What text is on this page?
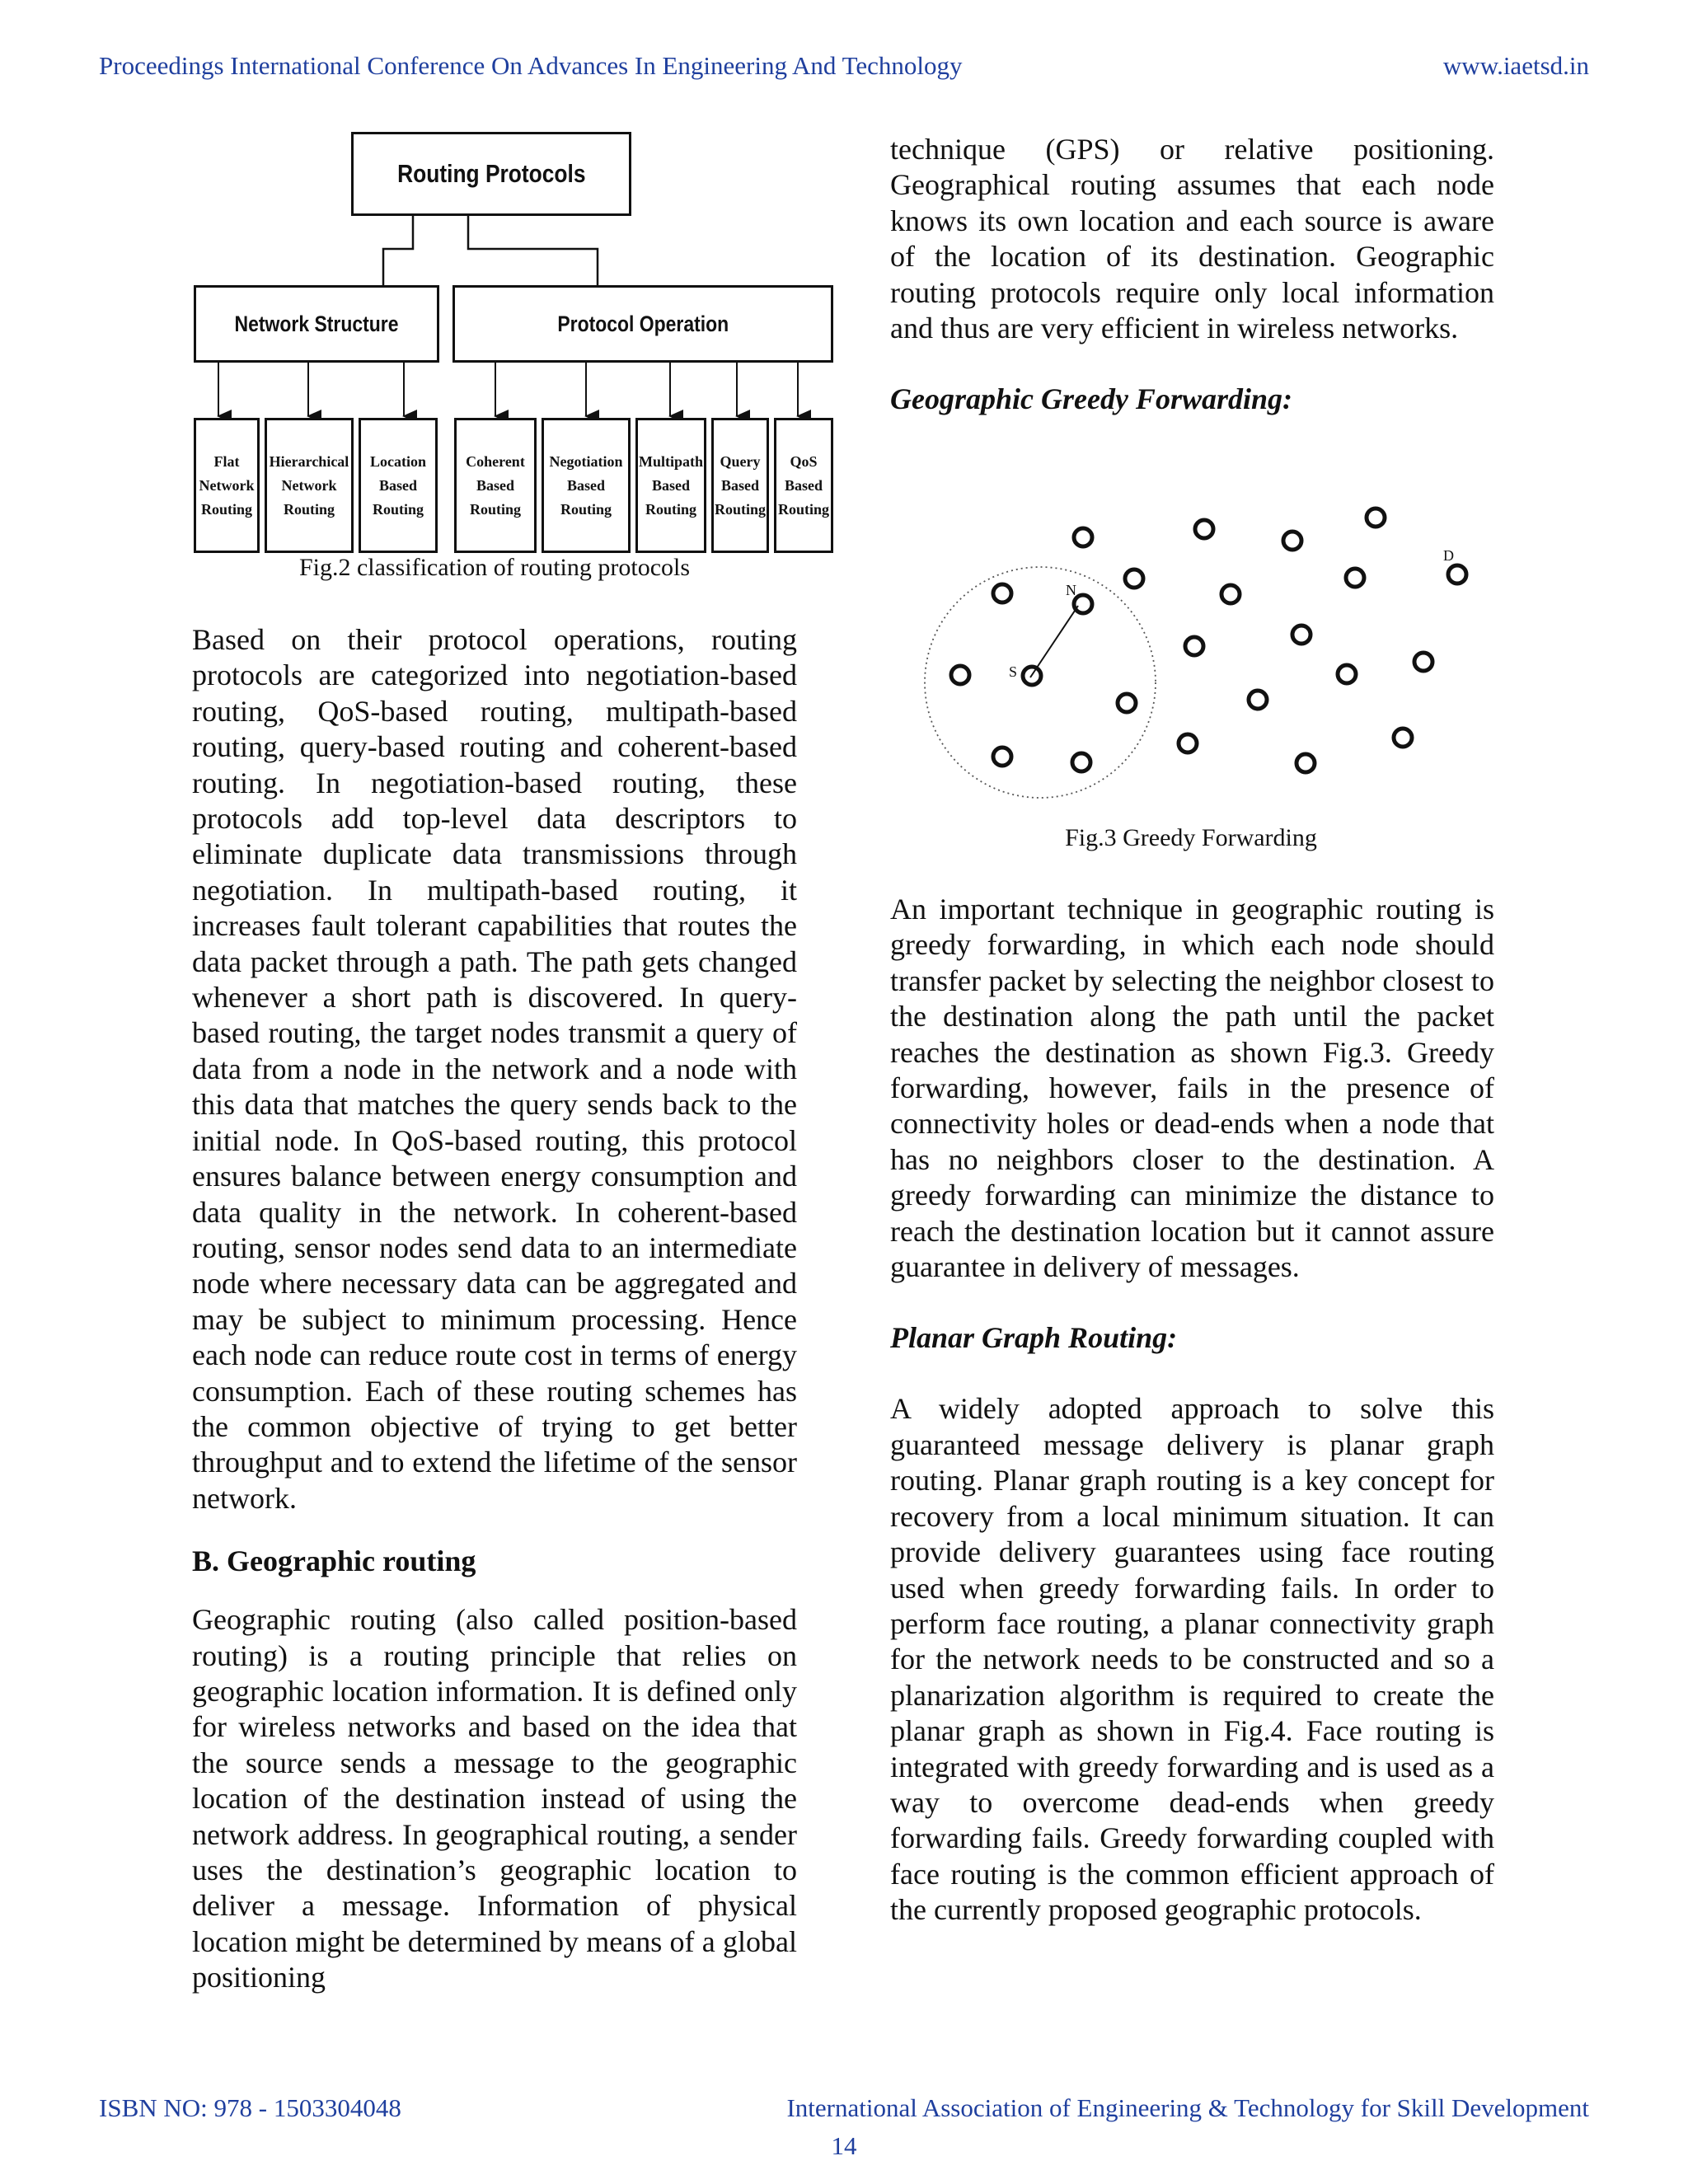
Proceedings International Conference On Advances In Engineering And Technology	www.iaetsd.in
Routing Protocols
Network Structure	Protocol Operation
Flat
Network
Routing
Hierarchical
Network
Routing
Location
Based
Routing
Coherent
Based
Routing
Negotiation
Based
Routing
Multipath
Based
Routing
Query
Based
Routing
QoS
Based
Routing
Fig.2 classification of routing protocols

Based on their protocol operations, routing protocols are categorized into negotiation-based routing, QoS-based routing, multipath-based routing, query-based routing and coherent-based routing. In negotiation-based routing, these protocols add top-level data descriptors to eliminate duplicate data transmissions through negotiation. In multipath-based routing, it increases fault tolerant capabilities that routes the data packet through a path. The path gets changed whenever a short path is discovered. In query-based routing, the target nodes transmit a query of data from a node in the network and a node with this data that matches the query sends back to the initial node. In QoS-based routing, this protocol ensures balance between energy consumption and data quality in the network. In coherent-based routing, sensor nodes send data to an intermediate node where necessary data can be aggregated and may be subject to minimum processing. Hence each node can reduce route cost in terms of energy consumption. Each of these routing schemes has the common objective of trying to get better throughput and to extend the lifetime of the sensor network.

B. Geographic routing

Geographic routing (also called position-based routing) is a routing principle that relies on geographic location information. It is defined only for wireless networks and based on the idea that the source sends a message to the geographic location of the destination instead of using the network address. In geographical routing, a sender uses the destination’s geographic location to deliver a message. Information of physical location might be determined by means of a global positioning

technique (GPS) or relative positioning. Geographical routing assumes that each node knows its own location and each source is aware of the location of its destination. Geographic routing protocols require only local information and thus are very efficient in wireless networks.

Geographic Greedy Forwarding:

S
N
D
Fig.3 Greedy Forwarding

An important technique in geographic routing is greedy forwarding, in which each node should transfer packet by selecting the neighbor closest to the destination along the path until the packet reaches the destination as shown Fig.3. Greedy forwarding, however, fails in the presence of connectivity holes or dead-ends when a node that has no neighbors closer to the destination. A greedy forwarding can minimize the distance to reach the destination location but it cannot assure guarantee in delivery of messages.

Planar Graph Routing:

A widely adopted approach to solve this guaranteed message delivery is planar graph routing. Planar graph routing is a key concept for recovery from a local minimum situation. It can provide delivery guarantees using face routing used when greedy forwarding fails. In order to perform face routing, a planar connectivity graph for the network needs to be constructed and so a planarization algorithm is required to create the planar graph as shown in Fig.4. Face routing is integrated with greedy forwarding and is used as a way to overcome dead-ends when greedy forwarding fails. Greedy forwarding coupled with face routing is the common efficient approach of the currently proposed geographic protocols.

ISBN NO: 978 - 1503304048	International Association of Engineering & Technology for Skill Development
14
